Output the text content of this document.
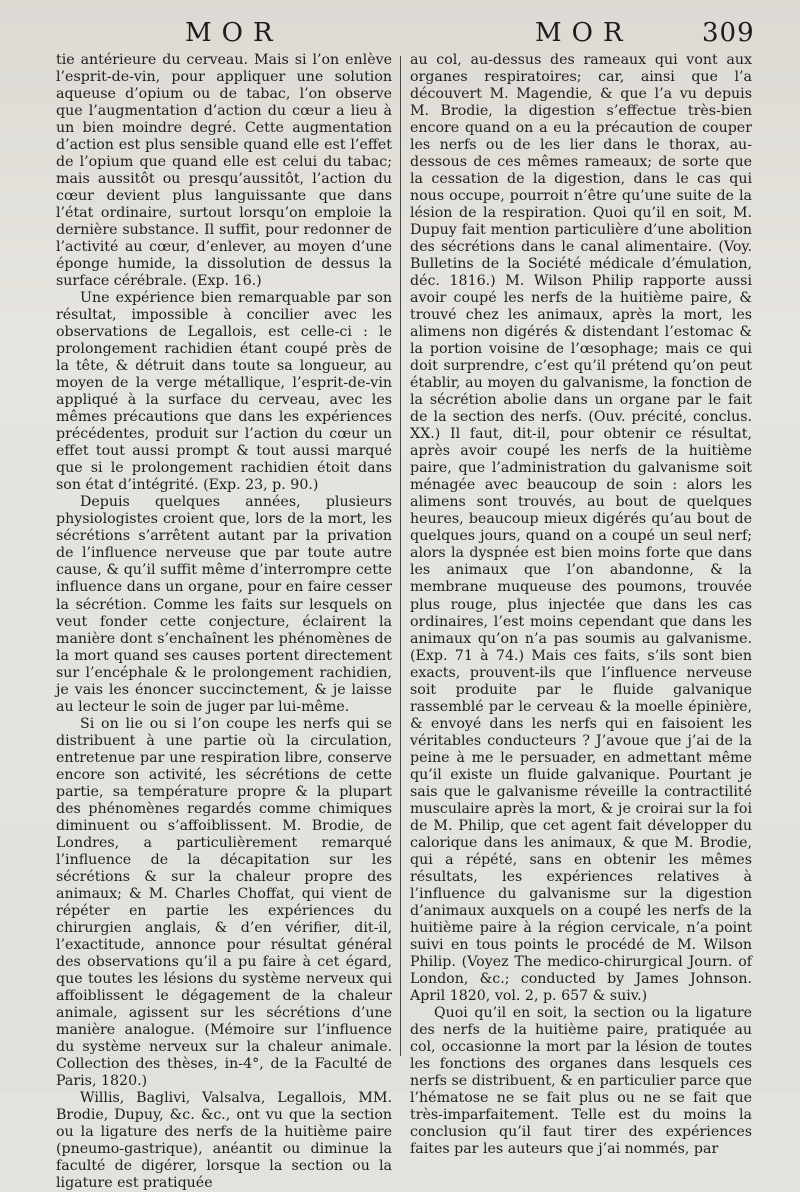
MOR	MOR	309

tie antérieure du cerveau. Mais si l’on enlève l’esprit-de-vin, pour appliquer une solution aqueuse d’opium ou de tabac, l’on observe que l’augmentation d’action du cœur a lieu à un bien moindre degré. Cette augmentation d’action est plus sensible quand elle est l’effet de l’opium que quand elle est celui du tabac; mais aussitôt ou presqu’aussitôt, l’action du cœur devient plus languissante que dans l’état ordinaire, surtout lorsqu’on emploie la dernière substance. Il suffit, pour redonner de l’activité au cœur, d’enlever, au moyen d’une éponge humide, la dissolution de dessus la surface cérébrale. (Exp. 16.)

Une expérience bien remarquable par son résultat, impossible à concilier avec les observations de Legallois, est celle-ci : le prolongement rachidien étant coupé près de la tête, & détruit dans toute sa longueur, au moyen de la verge métallique, l’esprit-de-vin appliqué à la surface du cerveau, avec les mêmes précautions que dans les expériences précédentes, produit sur l’action du cœur un effet tout aussi prompt & tout aussi marqué que si le prolongement rachidien étoit dans son état d’intégrité. (Exp. 23, p. 90.)

Depuis quelques années, plusieurs physiologistes croient que, lors de la mort, les sécrétions s’arrêtent autant par la privation de l’influence nerveuse que par toute autre cause, & qu’il suffit même d’interrompre cette influence dans un organe, pour en faire cesser la sécrétion. Comme les faits sur lesquels on veut fonder cette conjecture, éclairent la manière dont s’enchaînent les phénomènes de la mort quand ses causes portent directement sur l’encéphale & le prolongement rachidien, je vais les énoncer succinctement, & je laisse au lecteur le soin de juger par lui-même.

Si on lie ou si l’on coupe les nerfs qui se distribuent à une partie où la circulation, entretenue par une respiration libre, conserve encore son activité, les sécrétions de cette partie, sa température propre & la plupart des phénomènes regardés comme chimiques diminuent ou s’affoiblissent. M. Brodie, de Londres, a particulièrement remarqué l’influence de la décapitation sur les sécrétions & sur la chaleur propre des animaux; & M. Charles Choffat, qui vient de répéter en partie les expériences du chirurgien anglais, & d’en vérifier, dit-il, l’exactitude, annonce pour résultat général des observations qu’il a pu faire à cet égard, que toutes les lésions du système nerveux qui affoiblissent le dégagement de la chaleur animale, agissent sur les sécrétions d’une manière analogue. (Mémoire sur l’influence du système nerveux sur la chaleur animale. Collection des thèses, in-4°, de la Faculté de Paris, 1820.)

Willis, Baglivi, Valsalva, Legallois, MM. Brodie, Dupuy, &c. &c., ont vu que la section ou la ligature des nerfs de la huitième paire (pneumo-gastrique), anéantit ou diminue la faculté de digérer, lorsque la section ou la ligature est pratiquée

au col, au-dessus des rameaux qui vont aux organes respiratoires; car, ainsi que l’a découvert M. Magendie, & que l’a vu depuis M. Brodie, la digestion s’effectue très-bien encore quand on a eu la précaution de couper les nerfs ou de les lier dans le thorax, au-dessous de ces mêmes rameaux; de sorte que la cessation de la digestion, dans le cas qui nous occupe, pourroit n’être qu’une suite de la lésion de la respiration. Quoi qu’il en soit, M. Dupuy fait mention particulière d’une abolition des sécrétions dans le canal alimentaire. (Voy. Bulletins de la Société médicale d’émulation, déc. 1816.) M. Wilson Philip rapporte aussi avoir coupé les nerfs de la huitième paire, & trouvé chez les animaux, après la mort, les alimens non digérés & distendant l’estomac & la portion voisine de l’œsophage; mais ce qui doit surprendre, c’est qu’il prétend qu’on peut établir, au moyen du galvanisme, la fonction de la sécrétion abolie dans un organe par le fait de la section des nerfs. (Ouv. précité, conclus. XX.) Il faut, dit-il, pour obtenir ce résultat, après avoir coupé les nerfs de la huitième paire, que l’administration du galvanisme soit ménagée avec beaucoup de soin : alors les alimens sont trouvés, au bout de quelques heures, beaucoup mieux digérés qu’au bout de quelques jours, quand on a coupé un seul nerf; alors la dyspnée est bien moins forte que dans les animaux que l’on abandonne, & la membrane muqueuse des poumons, trouvée plus rouge, plus injectée que dans les cas ordinaires, l’est moins cependant que dans les animaux qu’on n’a pas soumis au galvanisme. (Exp. 71 à 74.) Mais ces faits, s’ils sont bien exacts, prouvent-ils que l’influence nerveuse soit produite par le fluide galvanique rassemblé par le cerveau & la moelle épinière, & envoyé dans les nerfs qui en faisoient les véritables conducteurs ? J’avoue que j’ai de la peine à me le persuader, en admettant même qu’il existe un fluide galvanique. Pourtant je sais que le galvanisme réveille la contractilité musculaire après la mort, & je croirai sur la foi de M. Philip, que cet agent fait développer du calorique dans les animaux, & que M. Brodie, qui a répété, sans en obtenir les mêmes résultats, les expériences relatives à l’influence du galvanisme sur la digestion d’animaux auxquels on a coupé les nerfs de la huitième paire à la région cervicale, n’a point suivi en tous points le procédé de M. Wilson Philip. (Voyez The medico-chirurgical Journ. of London, &c.; conducted by James Johnson. April 1820, vol. 2, p. 657 & suiv.)

Quoi qu’il en soit, la section ou la ligature des nerfs de la huitième paire, pratiquée au col, occasionne la mort par la lésion de toutes les fonctions des organes dans lesquels ces nerfs se distribuent, & en particulier parce que l’hématose ne se fait plus ou ne se fait que très-imparfaitement. Telle est du moins la conclusion qu’il faut tirer des expériences faites par les auteurs que j’ai nommés, par
